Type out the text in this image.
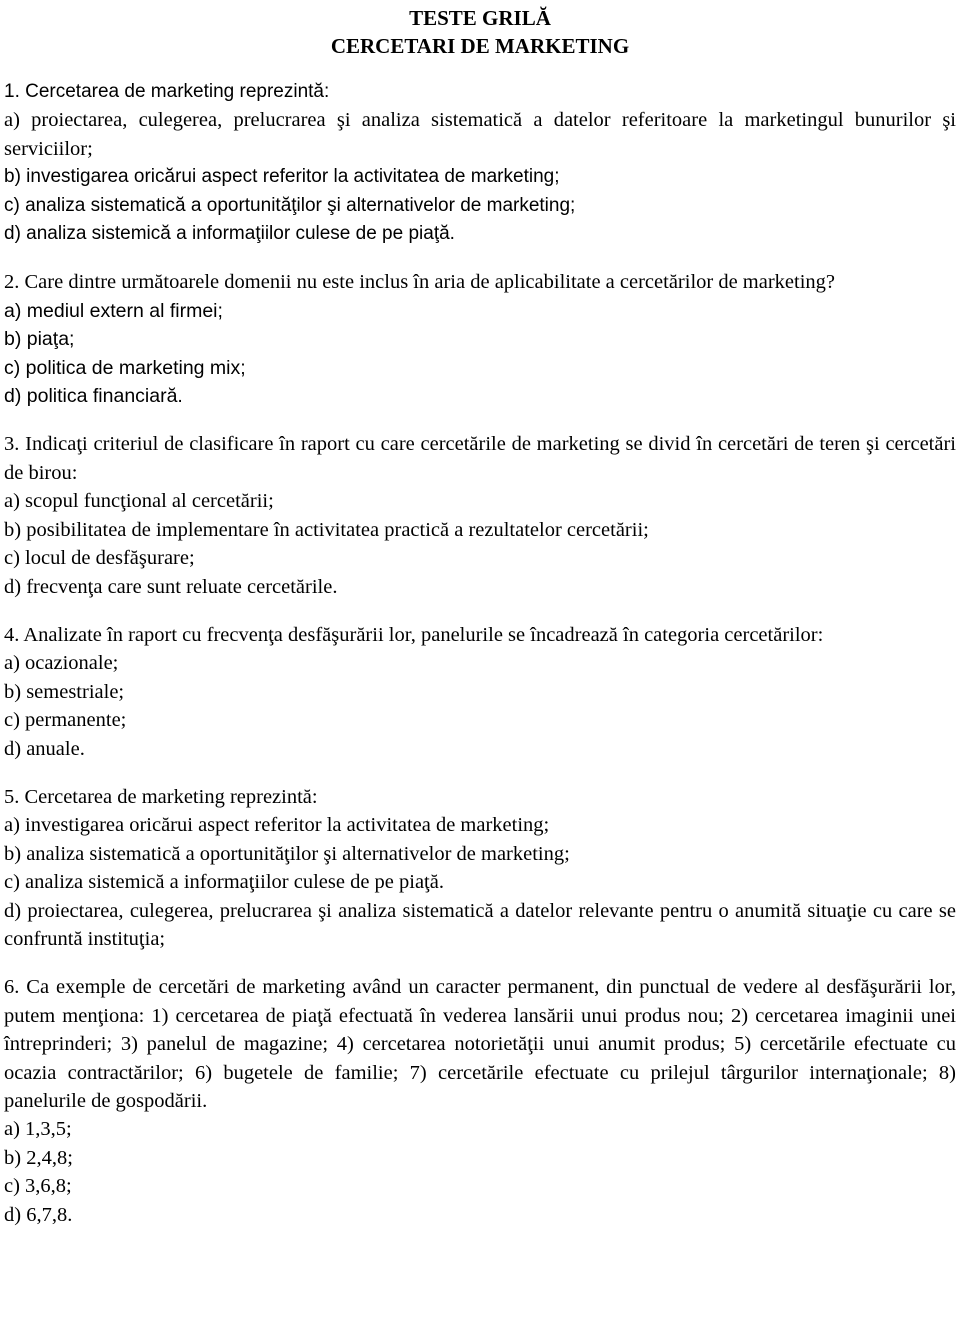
TESTE GRILĂ

CERCETARI DE MARKETING

1. Cercetarea de marketing reprezintă:

a) proiectarea, culegerea, prelucrarea şi analiza sistematică a datelor referitoare la marketingul bunurilor şi serviciilor;

b) investigarea oricărui aspect referitor la activitatea de marketing;

c) analiza sistematică a oportunităţilor şi alternativelor de marketing;

d) analiza sistemică a informaţiilor culese de pe piaţă.

2. Care dintre următoarele domenii nu este inclus în aria de aplicabilitate a cercetărilor de marketing?

a) mediul extern al firmei;

b) piaţa;

c) politica de marketing mix;

d) politica financiară.

3. Indicaţi criteriul de clasificare în raport cu care cercetările de marketing se divid în cercetări de teren şi cercetări de birou:

a) scopul funcţional al cercetării;

b) posibilitatea de implementare în activitatea practică a rezultatelor cercetării;

c) locul de desfăşurare;

d) frecvenţa care sunt reluate cercetările.

4. Analizate în raport cu frecvenţa desfăşurării lor, panelurile se încadrează în categoria cercetărilor:

a) ocazionale;

b) semestriale;

c) permanente;

d) anuale.

5. Cercetarea de marketing reprezintă:

a) investigarea oricărui aspect referitor la activitatea de marketing;

b) analiza sistematică a oportunităţilor şi alternativelor de marketing;

c) analiza sistemică a informaţiilor culese de pe piaţă.

d) proiectarea, culegerea, prelucrarea şi analiza sistematică a datelor relevante pentru o anumită situaţie cu care se confruntă instituţia;

6. Ca exemple de cercetări de marketing având un caracter permanent, din punctual de vedere al desfăşurării lor, putem menţiona: 1) cercetarea de piaţă efectuată în vederea lansării unui produs nou; 2) cercetarea imaginii unei întreprinderi; 3) panelul de magazine; 4) cercetarea notorietăţii unui anumit produs; 5) cercetările efectuate cu ocazia contractărilor; 6) bugetele de familie; 7) cercetările efectuate cu prilejul târgurilor internaţionale; 8) panelurile de gospodării.

a) 1,3,5;

b) 2,4,8;

c) 3,6,8;

d) 6,7,8.
